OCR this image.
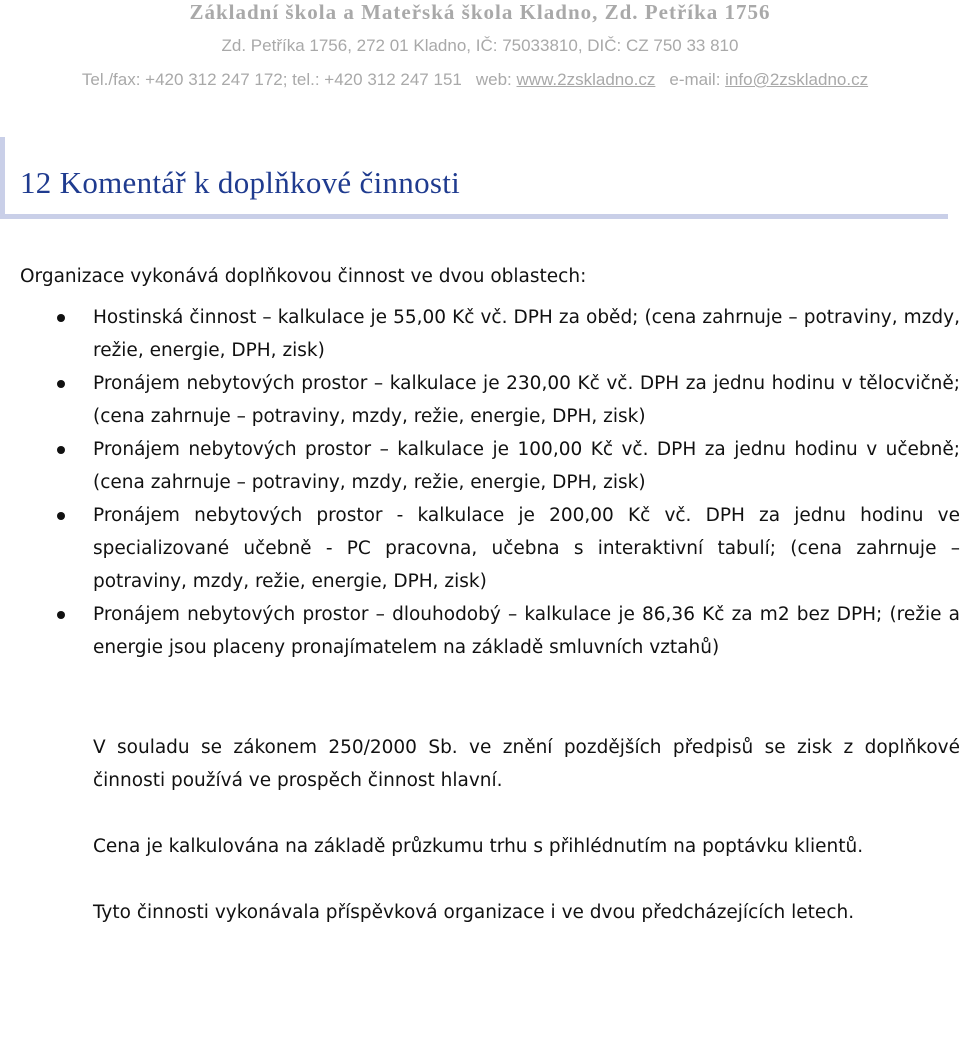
Základní škola a Mateřská škola Kladno, Zd. Petříka 1756
Zd. Petříka 1756, 272 01 Kladno, IČ: 75033810, DIČ: CZ 750 33 810
Tel./fax: +420 312 247 172; tel.: +420 312 247 151 web: www.2zskladno.cz e-mail: info@2zskladno.cz
12 Komentář k doplňkové činnosti

Organizace vykonává doplňkovou činnost ve dvou oblastech:

Hostinská činnost – kalkulace je 55,00 Kč vč. DPH za oběd; (cena zahrnuje – potraviny, mzdy, režie, energie, DPH, zisk)
Pronájem nebytových prostor – kalkulace je 230,00 Kč vč. DPH za jednu hodinu v tělocvičně; (cena zahrnuje – potraviny, mzdy, režie, energie, DPH, zisk)
Pronájem nebytových prostor – kalkulace je 100,00 Kč vč. DPH za jednu hodinu v učebně; (cena zahrnuje – potraviny, mzdy, režie, energie, DPH, zisk)
Pronájem nebytových prostor - kalkulace je 200,00 Kč vč. DPH za jednu hodinu ve specializované učebně - PC pracovna, učebna s interaktivní tabulí; (cena zahrnuje – potraviny, mzdy, režie, energie, DPH, zisk)
Pronájem nebytových prostor – dlouhodobý – kalkulace je 86,36 Kč za m2 bez DPH; (režie a energie jsou placeny pronajímatelem na základě smluvních vztahů)

V souladu se zákonem 250/2000 Sb. ve znění pozdějších předpisů se zisk z doplňkové činnosti používá ve prospěch činnost hlavní.

Cena je kalkulována na základě průzkumu trhu s přihlédnutím na poptávku klientů.

Tyto činnosti vykonávala příspěvková organizace i ve dvou předcházejících letech.
